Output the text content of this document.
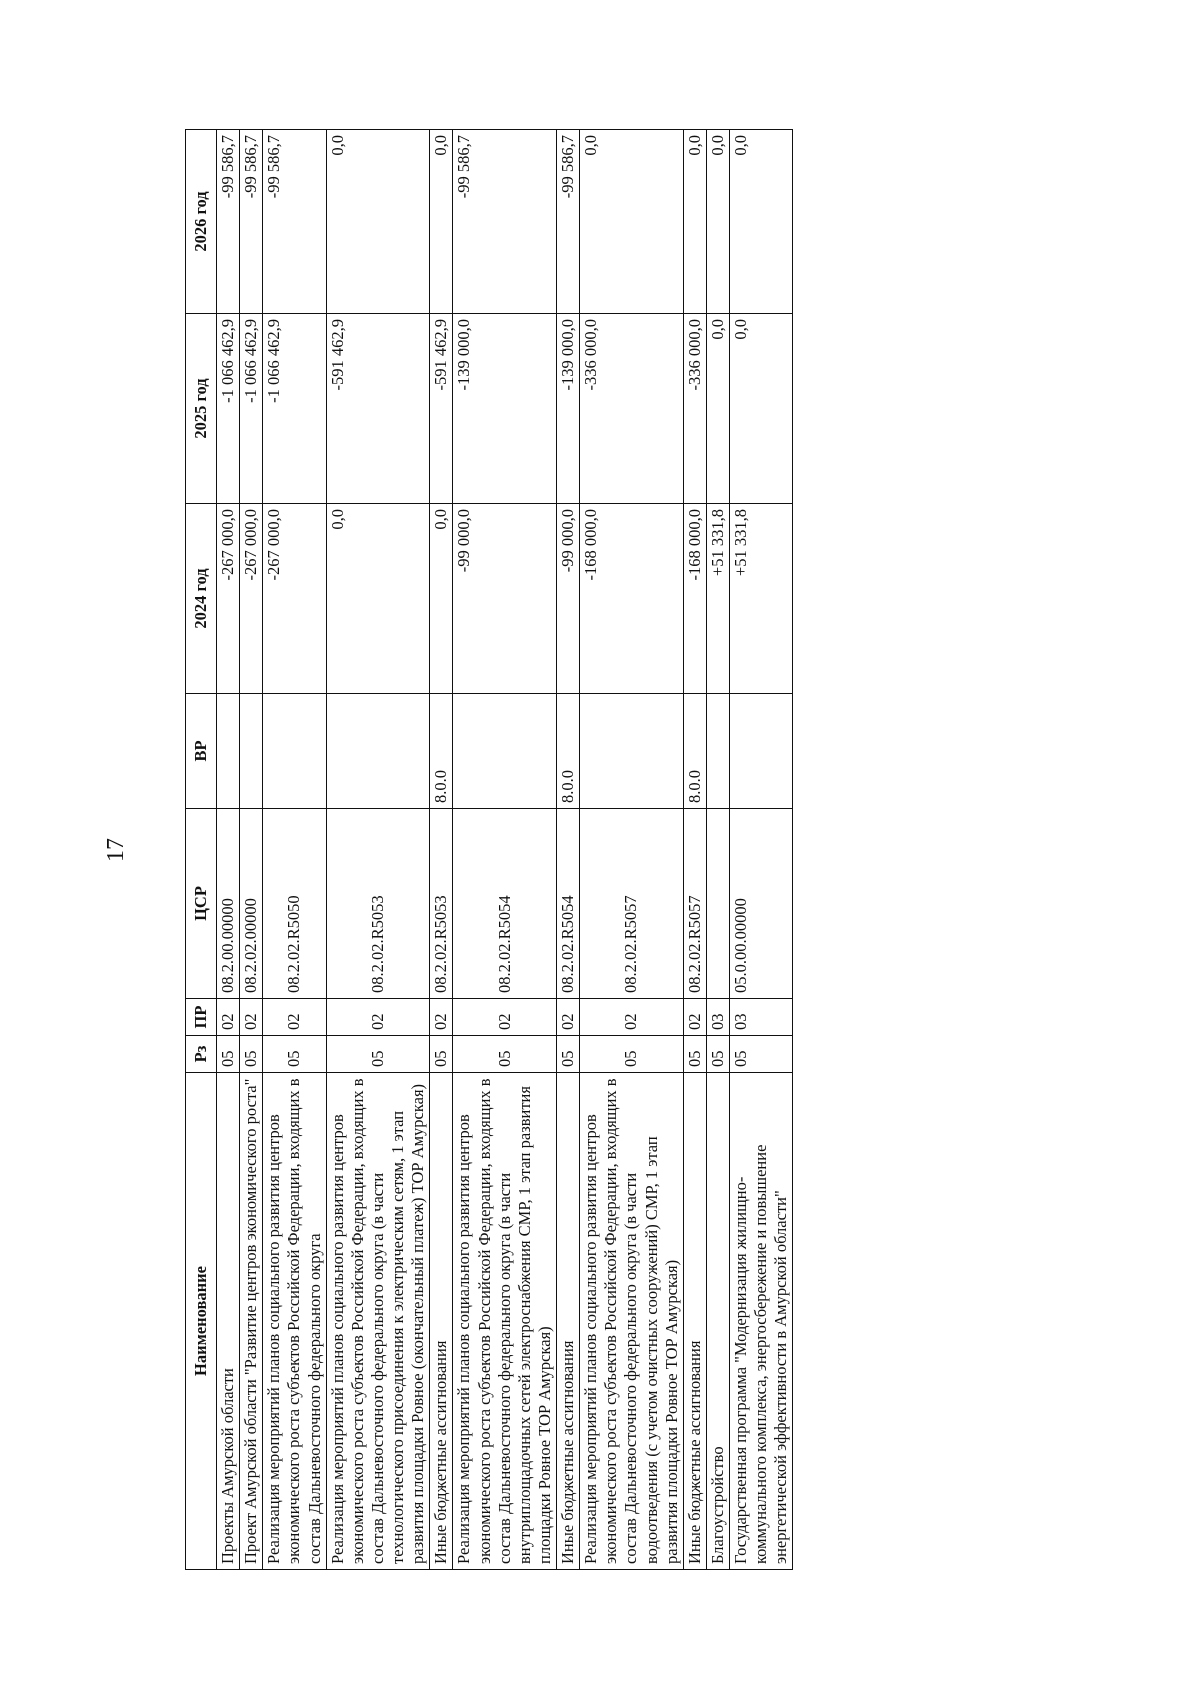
17
Наименование	Рз	ПР	ЦСР	ВР	2024 год	2025 год	2026 год
Проекты Амурской области	05	02	08.2.00.00000		-267 000,0	-1 066 462,9	-99 586,7
Проект Амурской области "Развитие центров экономического роста"	05	02	08.2.02.00000		-267 000,0	-1 066 462,9	-99 586,7
Реализация мероприятий планов социального развития центров экономического роста субъектов Российской Федерации, входящих в состав Дальневосточного федерального округа	05	02	08.2.02.R5050		-267 000,0	-1 066 462,9	-99 586,7
Реализация мероприятий планов социального развития центров экономического роста субъектов Российской Федерации, входящих в состав Дальневосточного федерального округа (в части технологического присоединения к электрическим сетям, 1 этап развития площадки Ровное (окончательный платеж) ТОР Амурская)	05	02	08.2.02.R5053		0,0	-591 462,9	0,0
Иные бюджетные ассигнования	05	02	08.2.02.R5053	8.0.0	0,0	-591 462,9	0,0
Реализация мероприятий планов социального развития центров экономического роста субъектов Российской Федерации, входящих в состав Дальневосточного федерального округа (в части внутриплощадочных сетей электроснабжения СМР, 1 этап развития площадки Ровное ТОР Амурская)	05	02	08.2.02.R5054		-99 000,0	-139 000,0	-99 586,7
Иные бюджетные ассигнования	05	02	08.2.02.R5054	8.0.0	-99 000,0	-139 000,0	-99 586,7
Реализация мероприятий планов социального развития центров экономического роста субъектов Российской Федерации, входящих в состав Дальневосточного федерального округа (в части водоотведения (с учетом очистных сооружений) СМР, 1 этап развития площадки Ровное ТОР Амурская)	05	02	08.2.02.R5057		-168 000,0	-336 000,0	0,0
Иные бюджетные ассигнования	05	02	08.2.02.R5057	8.0.0	-168 000,0	-336 000,0	0,0
Благоустройство	05	03			+51 331,8	0,0	0,0
Государственная программа "Модернизация жилищно-коммунального комплекса, энергосбережение и повышение энергетической эффективности в Амурской области"	05	03	05.0.00.00000		+51 331,8	0,0	0,0
